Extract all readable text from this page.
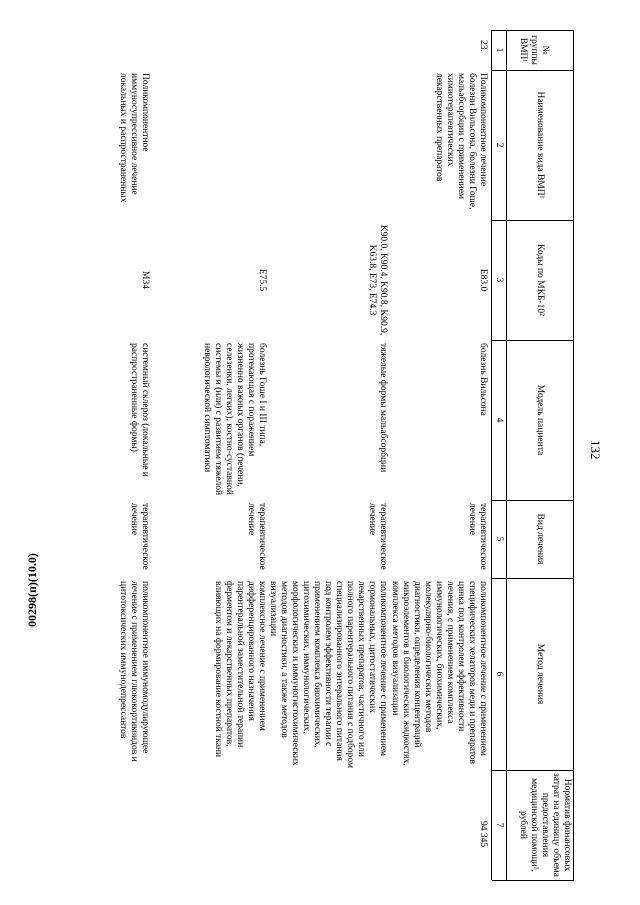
132
№ группы ВМП¹
Наименование вида ВМП¹
Коды по МКБ-10²
Модель пациента
Вид лечения
Метод лечения
Норматив финансовых затрат на единицу объема предоставления медицинской помощи³, рублей
1
2
3
4
5
6
7
23.
Поликомпонентное лечение болезни Вильсона, болезни Гоше, мальабсорбции с применением химиотерапевтических лекарственных препаратов
94 345
E83.0
болезнь Вильсона
терапевтическое лечение
поликомпонентное лечение с применением специфических хелаторов меди и препаратов цинка под контролем эффективности лечения, с применением комплекса иммунологических, биохимических, молекулярно-биологических методов диагностики, определения концентраций микроэлементов в биологических жидкостях, комплекса методов визуализации
K90.0, K90.4, K90.8, K90.9, K63.8, E73, E74.3
тяжелые формы мальабсорбции
терапевтическое лечение
поликомпонентное лечение с применением гормональных, цитостатических лекарственных препаратов, частичного или полного парентерального питания с подбором специализированного энтерального питания под контролем эффективности терапии с применением комплекса биохимических, цитохимических, иммунологических, морфологических и иммуногистохимических методов диагностики, а также методов визуализации
E75.5
болезнь Гоше I и III типа, протекающая с поражением жизненно важных органов (печени, селезенки, легких), костно-суставной системы и (или) с развитием тяжелой неврологической симптоматики
терапевтическое лечение
комплексное лечение с применением дифференцированного назначения парентеральной заместительной терапии ферментом и лекарственных препаратов, влияющих на формирование костной ткани
Поликомпонентное иммуносупрессивное лечение локальных и распространенных
M34
системный склероз (локальные и распространенные формы)
терапевтическое лечение
поликомпонентное иммуномодулирующее лечение с применением глюкокортикоидов и цитотоксических иммунодепрессантов
00298(п)(10.0)
